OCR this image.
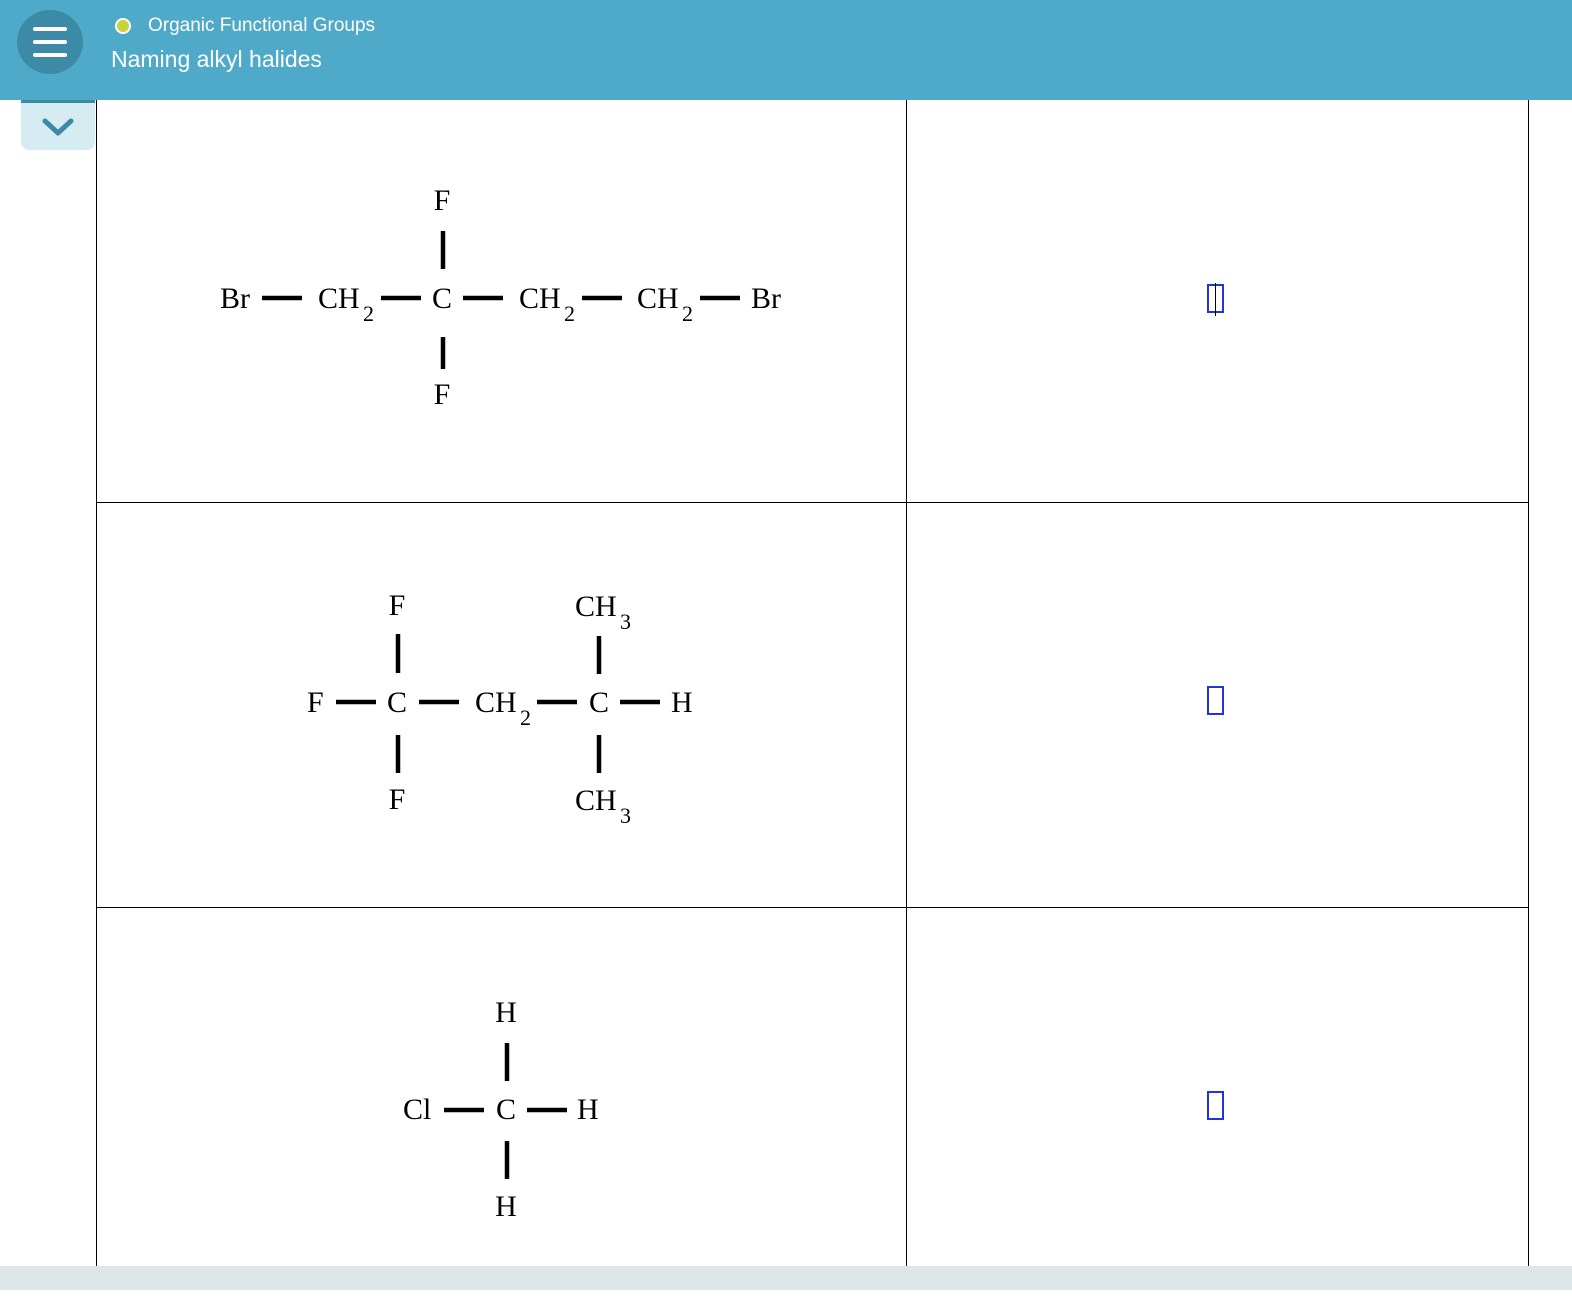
Organic Functional Groups
Naming alkyl halides
F
Br CH 2 C CH 2 CH 2 Br
F
F	CH 3
F C CH 2 C H
F	CH 3
H
Cl C H
H
